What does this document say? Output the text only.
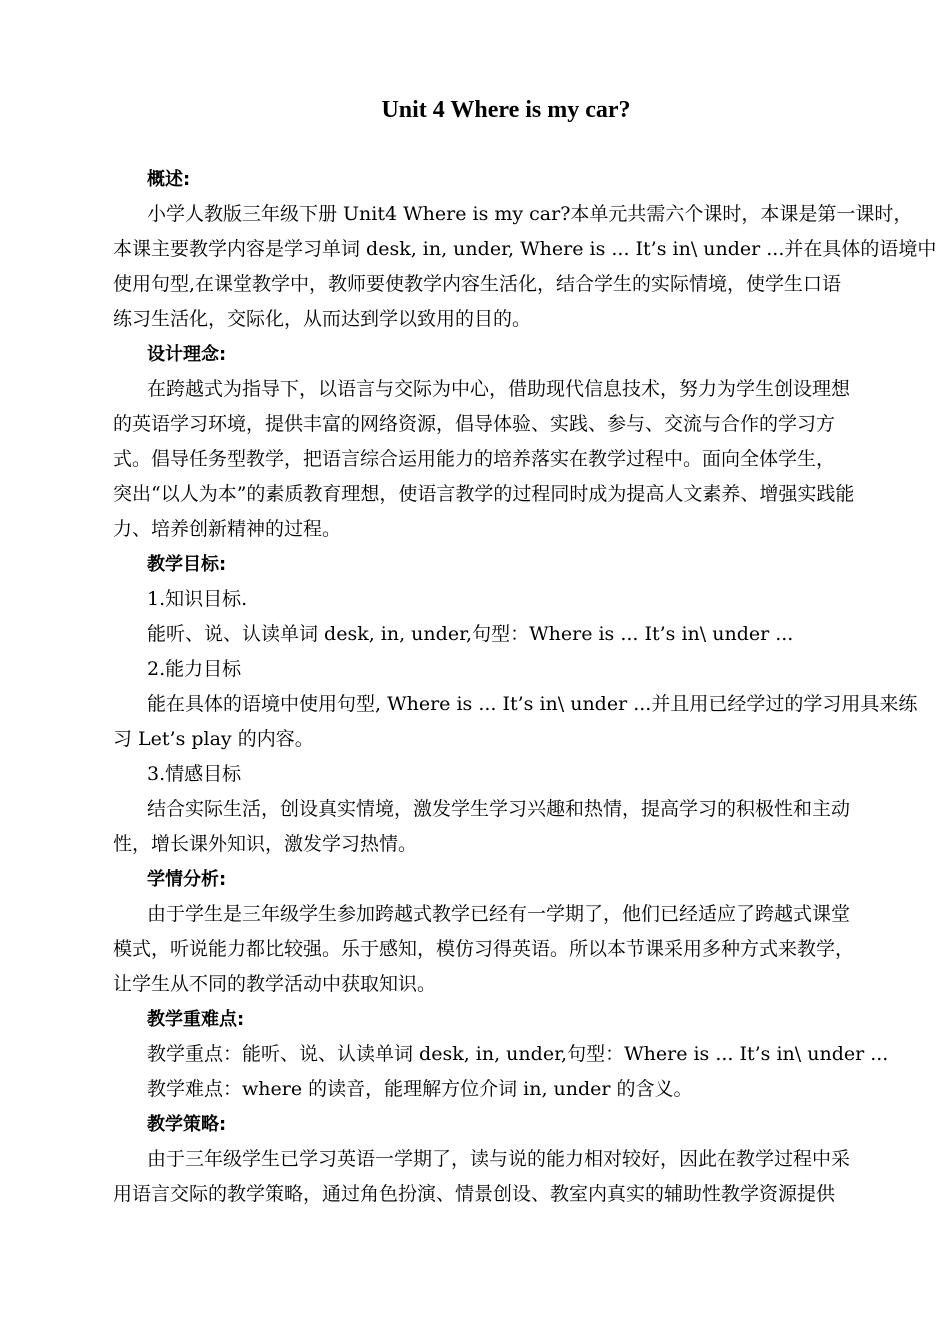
Unit 4 Where is my car?
概述:
小学人教版三年级下册 Unit4 Where is my car?本单元共需六个课时，本课是第一课时，
本课主要教学内容是学习单词 desk, in, under, Where is ... It’s in\ under ...并在具体的语境中
使用句型,在课堂教学中，教师要使教学内容生活化，结合学生的实际情境，使学生口语
练习生活化，交际化，从而达到学以致用的目的。
设计理念:
在跨越式为指导下，以语言与交际为中心，借助现代信息技术，努力为学生创设理想
的英语学习环境，提供丰富的网络资源，倡导体验、实践、参与、交流与合作的学习方
式。倡导任务型教学，把语言综合运用能力的培养落实在教学过程中。面向全体学生，
突出“以人为本”的素质教育理想，使语言教学的过程同时成为提高人文素养、增强实践能
力、培养创新精神的过程。
教学目标:
1.知识目标.
能听、说、认读单词 desk, in, under,句型：Where is ... It’s in\ under ...
2.能力目标
能在具体的语境中使用句型, Where is ... It’s in\ under ...并且用已经学过的学习用具来练
习 Let’s play 的内容。
3.情感目标
结合实际生活，创设真实情境，激发学生学习兴趣和热情，提高学习的积极性和主动
性，增长课外知识，激发学习热情。
学情分析:
由于学生是三年级学生参加跨越式教学已经有一学期了，他们已经适应了跨越式课堂
模式，听说能力都比较强。乐于感知，模仿习得英语。所以本节课采用多种方式来教学，
让学生从不同的教学活动中获取知识。
教学重难点:
教学重点：能听、说、认读单词 desk, in, under,句型：Where is ... It’s in\ under ...
教学难点：where 的读音，能理解方位介词 in, under 的含义。
教学策略:
由于三年级学生已学习英语一学期了，读与说的能力相对较好，因此在教学过程中采
用语言交际的教学策略，通过角色扮演、情景创设、教室内真实的辅助性教学资源提供
